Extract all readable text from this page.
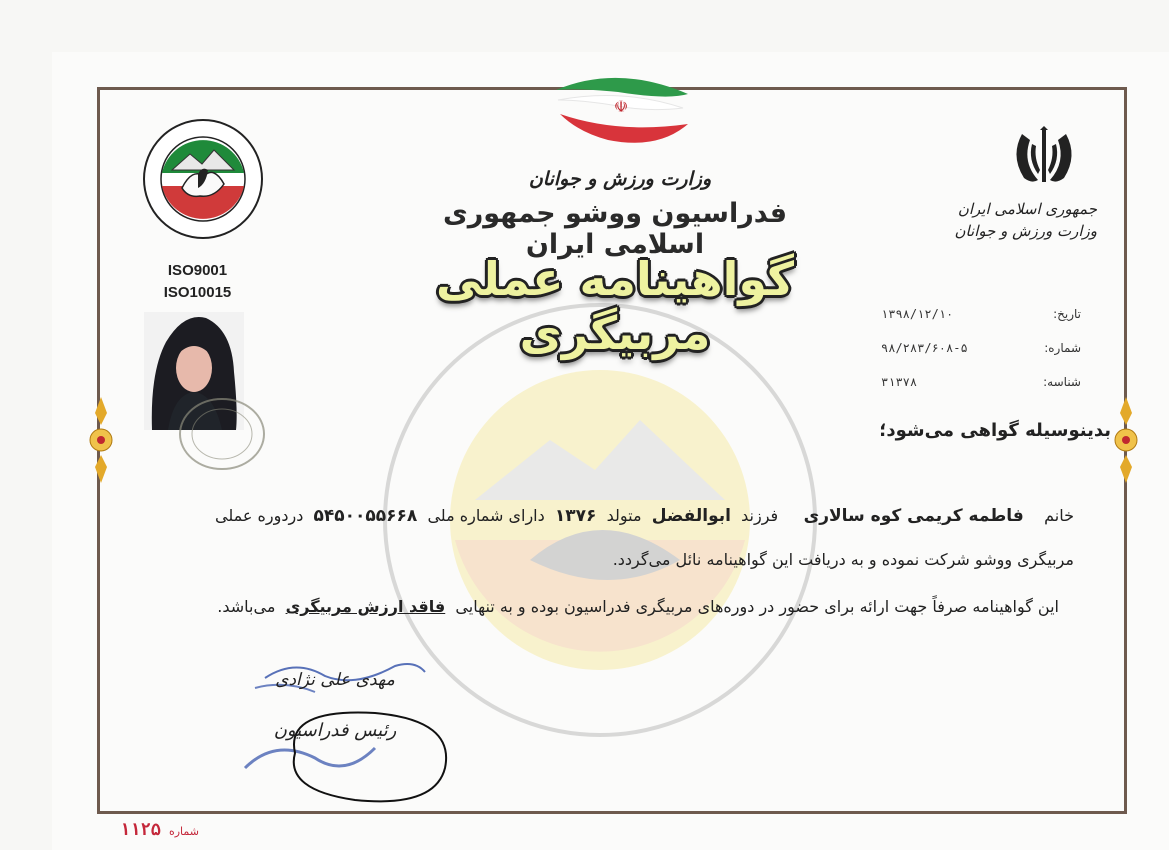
☫
جمهوری اسلامی ایران
وزارت ورزش و جوانان
ISO9001
ISO10015
وزارت ورزش و جوانان
فدراسیون ووشو جمهوری اسلامی ایران
گواهینامه عملی مربیگری	تاریخ:
۱۳۹۸/۱۲/۱۰
شماره:
۹۸/۲۸۳/۶۰۸-۵
شناسه:
۳۱۳۷۸
بدینوسیله گواهی می‌شود؛
خانم    فاطمه کریمی کوه سالاری     فرزند  ابوالفضل  متولد  ۱۳۷۶  دارای شماره ملی  ۵۴۵۰۰۵۵۶۶۸  دردوره عملی
مربیگری ووشو شرکت نموده و به دریافت این گواهینامه نائل می‌گردد.
این گواهینامه صرفاً جهت ارائه برای حضور در دوره‌های مربیگری فدراسیون بوده و به تنهایی  فاقد ارزش مربیگری  می‌باشد.
مهدی علی نژادی
رئیس فدراسیون
شماره
۱۱۲۵
